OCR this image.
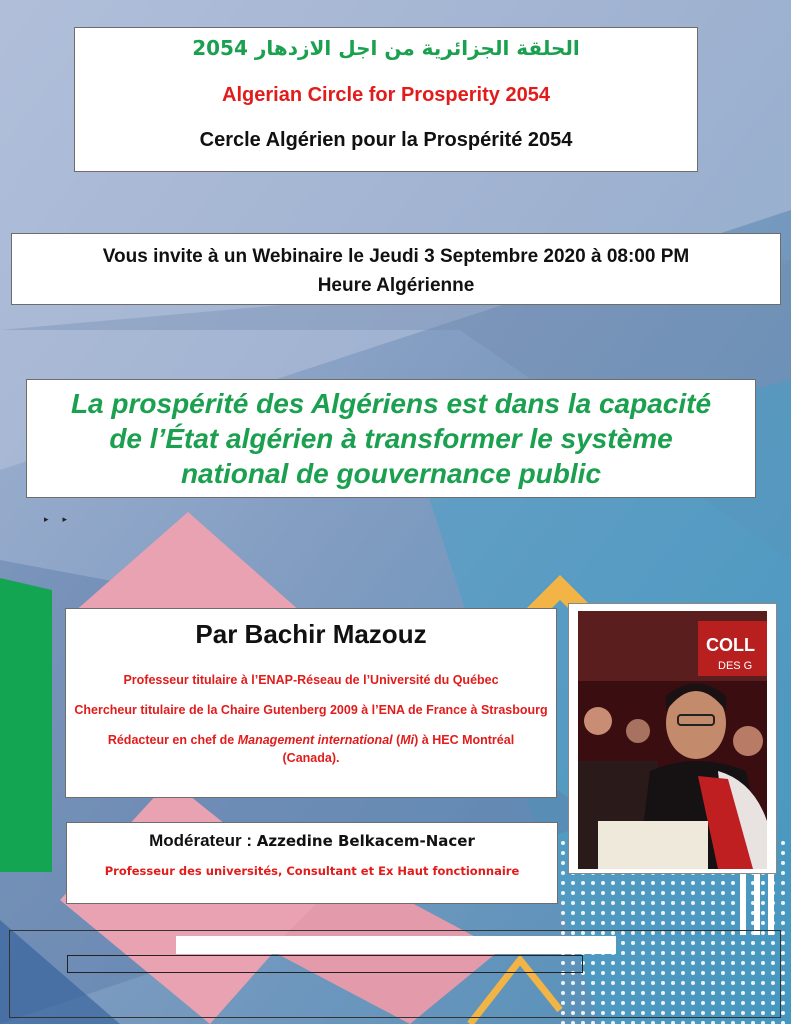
الحلقة الجزائرية من اجل الازدهار 2054
Algerian Circle for Prosperity 2054
Cercle Algérien pour la Prospérité 2054
Vous invite à un Webinaire le Jeudi 3 Septembre 2020 à 08:00 PM
Heure Algérienne
La prospérité des Algériens est dans la capacité
de l’État algérien à transformer le système
national de gouvernance public
▸▸
Par Bachir Mazouz
Professeur titulaire à l’ENAP-Réseau de l’Université du Québec
Chercheur titulaire de la Chaire Gutenberg 2009 à l’ENA de France à Strasbourg
Rédacteur en chef de Management international (Mi) à HEC Montréal
(Canada).
COLL
DES G
Modérateur : Azzedine Belkacem-Nacer
Professeur des universités, Consultant et Ex Haut fonctionnaire
